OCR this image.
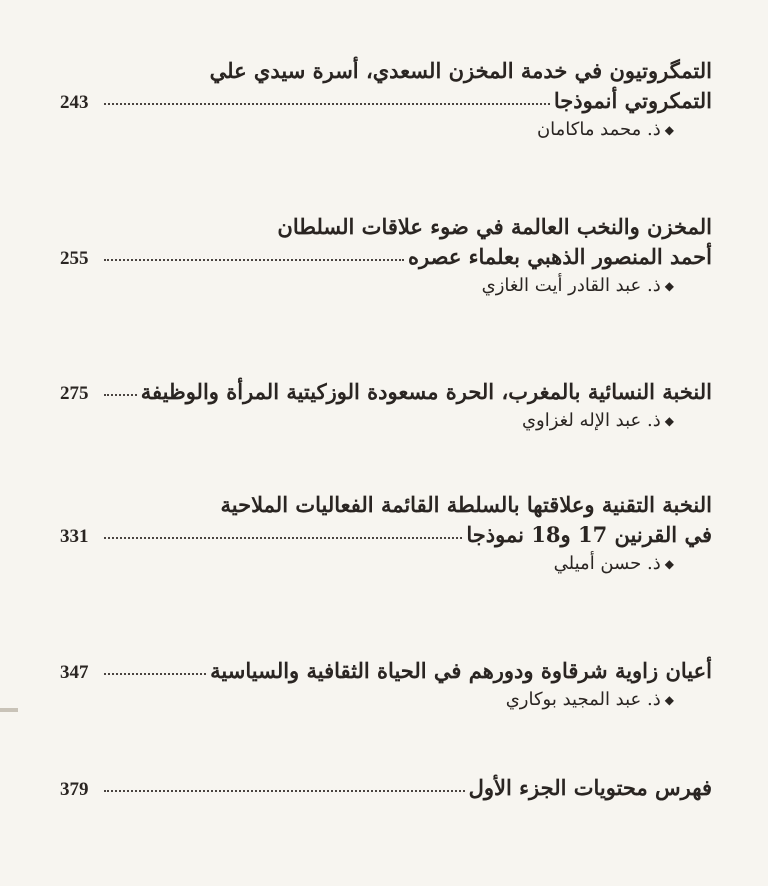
التمگروتيون في خدمة المخزن السعدي، أسرة سيدي علي
التمكروتي أنموذجا
243
◆ذ. محمد ماكامان
المخزن والنخب العالمة في ضوء علاقات السلطان
أحمد المنصور الذهبي بعلماء عصره
255
◆ذ. عبد القادر أيت الغازي
النخبة النسائية بالمغرب، الحرة مسعودة الوزكيتية المرأة والوظيفة
275
◆ذ. عبد الإله لغزاوي
النخبة التقنية وعلاقتها بالسلطة القائمة الفعاليات الملاحية
في القرنين 17 و18 نموذجا
331
◆ذ. حسن أميلي
أعيان زاوية شرقاوة ودورهم في الحياة الثقافية والسياسية
347
◆ذ. عبد المجيد بوكاري
فهرس محتويات الجزء الأول
379
